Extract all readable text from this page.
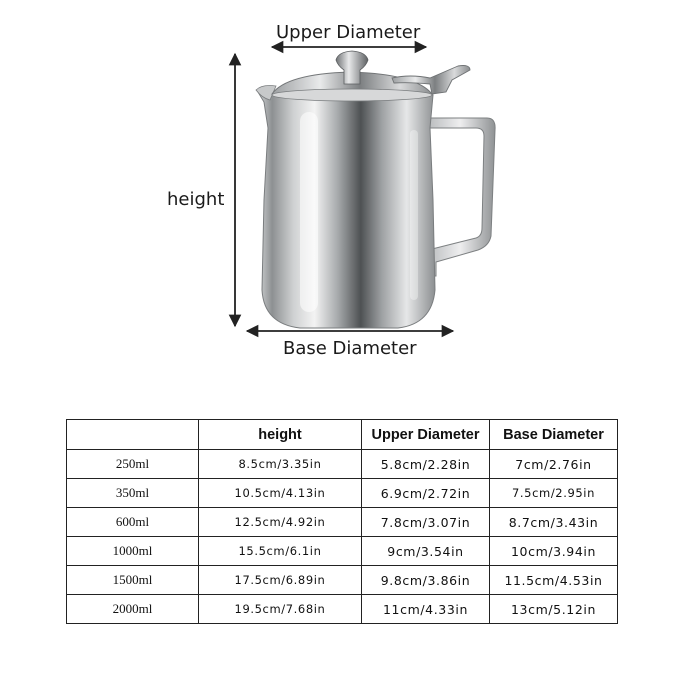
Upper Diameter
height
Base Diameter
	height	Upper Diameter	Base Diameter
250ml	8.5cm/3.35in	5.8cm/2.28in	7cm/2.76in
350ml	10.5cm/4.13in	6.9cm/2.72in	7.5cm/2.95in
600ml	12.5cm/4.92in	7.8cm/3.07in	8.7cm/3.43in
1000ml	15.5cm/6.1in	9cm/3.54in	10cm/3.94in
1500ml	17.5cm/6.89in	9.8cm/3.86in	11.5cm/4.53in
2000ml	19.5cm/7.68in	11cm/4.33in	13cm/5.12in
